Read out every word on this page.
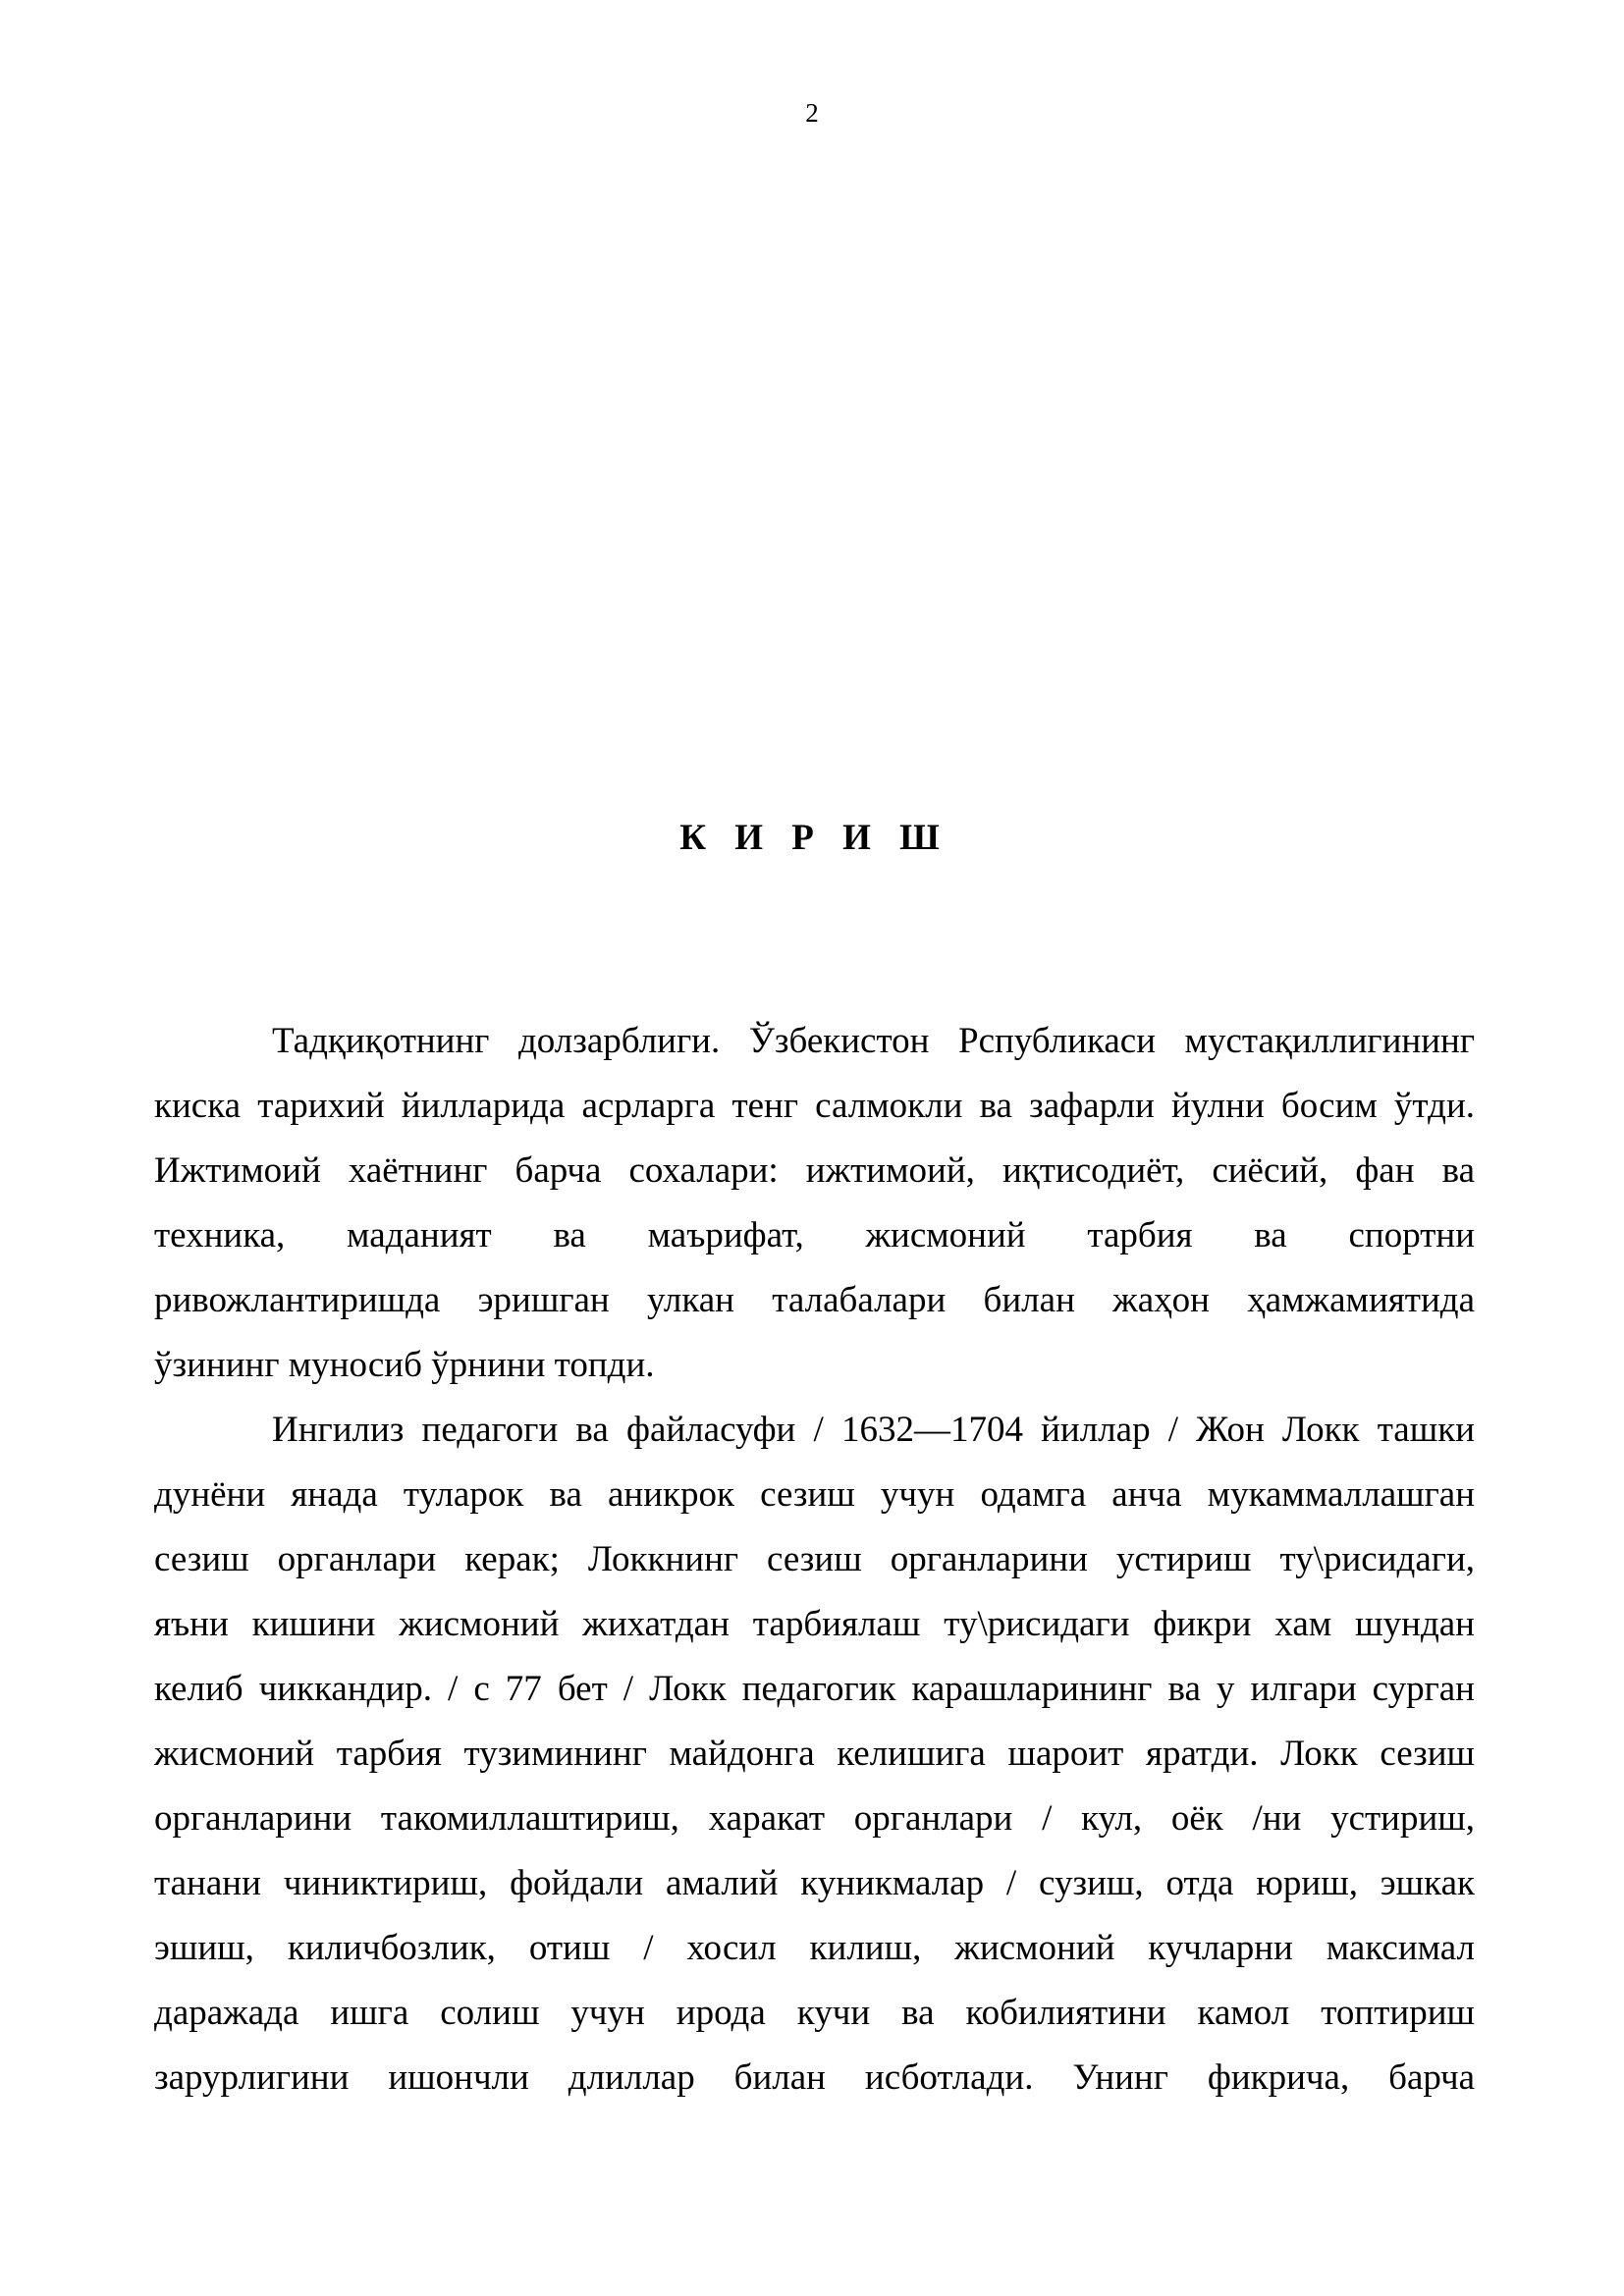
2
К И Р И Ш
Тадқиқотнинг долзарблиги. Ўзбекистон Рспубликаси мустақиллигининг
киска тарихий йилларида асрларга тенг салмокли ва зафарли йулни босим ўтди.
Ижтимоий хаётнинг барча сохалари: ижтимоий, иқтисодиёт, сиёсий, фан ва
техника, маданият ва маърифат, жисмоний тарбия ва спортни
ривожлантиришда эришган улкан талабалари билан жаҳон ҳамжамиятида
ўзининг муносиб ўрнини топди.
Ингилиз педагоги ва файласуфи / 1632—1704 йиллар / Жон Локк ташки
дунёни янада туларок ва аникрок сезиш учун одамга анча мукаммаллашган
сезиш органлари керак; Локкнинг сезиш органларини устириш ту\рисидаги,
яъни кишини жисмоний жихатдан тарбиялаш ту\рисидаги фикри хам шундан
келиб чиккандир. / с 77 бет / Локк педагогик карашларининг ва у илгари сурган
жисмоний тарбия тузимининг майдонга келишига шароит яратди. Локк сезиш
органларини такомиллаштириш, харакат органлари / кул, оёк /ни устириш,
танани чиниктириш, фойдали амалий куникмалар / сузиш, отда юриш, эшкак
эшиш, киличбозлик, отиш / хосил килиш, жисмоний кучларни максимал
даражада ишга солиш учун ирода кучи ва кобилиятини камол топтириш
зарурлигини ишончли длиллар билан исботлади. Унинг фикрича, барча
